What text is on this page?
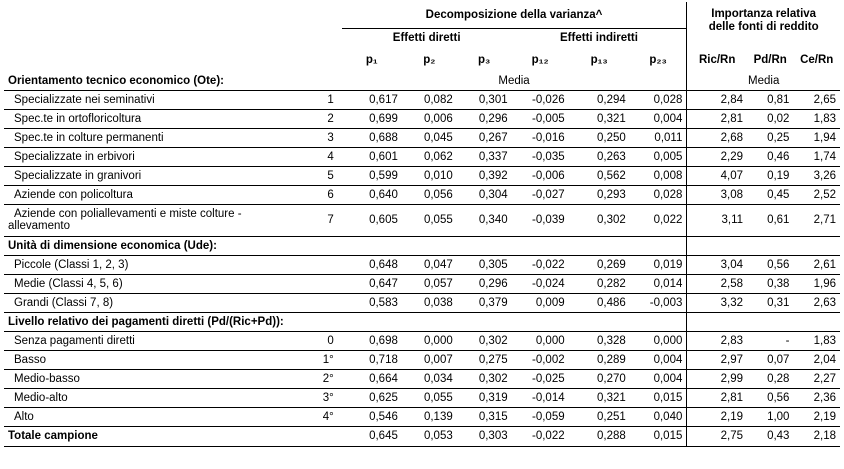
		Decomposizione della varianza^						Importanza relativa
delle fonti di reddito		
		Effetti diretti			Effetti indiretti					
		p₁	p₂	p₃	p₁₂	p₁₃	p₂₃	Ric/Rn	Pd/Rn	Ce/Rn
Orientamento tecnico economico (Ote):		Media						Media		
Specializzate nei seminativi	1	0,617	0,082	0,301	-0,026	0,294	0,028	2,84	0,81	2,65
Spec.te in ortofloricoltura	2	0,699	0,006	0,296	-0,005	0,321	0,004	2,81	0,02	1,83
Spec.te in colture permanenti	3	0,688	0,045	0,267	-0,016	0,250	0,011	2,68	0,25	1,94
Specializzate in erbivori	4	0,601	0,062	0,337	-0,035	0,263	0,005	2,29	0,46	1,74
Specializzate in granivori	5	0,599	0,010	0,392	-0,006	0,562	0,008	4,07	0,19	3,26
Aziende con policoltura	6	0,640	0,056	0,304	-0,027	0,293	0,028	3,08	0,45	2,52
Aziende con poliallevamenti e miste colture - allevamento	7	0,605	0,055	0,340	-0,039	0,302	0,022	3,11	0,61	2,71
Unità di dimensione economica (Ude):										
Piccole (Classi 1, 2, 3)		0,648	0,047	0,305	-0,022	0,269	0,019	3,04	0,56	2,61
Medie (Classi 4, 5, 6)		0,647	0,057	0,296	-0,024	0,282	0,014	2,58	0,38	1,96
Grandi (Classi 7, 8)		0,583	0,038	0,379	0,009	0,486	-0,003	3,32	0,31	2,63
Livello relativo dei pagamenti diretti (Pd/(Ric+Pd)):										
Senza pagamenti diretti	0	0,698	0,000	0,302	0,000	0,328	0,000	2,83	-	1,83
Basso	1°	0,718	0,007	0,275	-0,002	0,289	0,004	2,97	0,07	2,04
Medio-basso	2°	0,664	0,034	0,302	-0,025	0,270	0,004	2,99	0,28	2,27
Medio-alto	3°	0,625	0,055	0,319	-0,014	0,321	0,015	2,81	0,56	2,36
Alto	4°	0,546	0,139	0,315	-0,059	0,251	0,040	2,19	1,00	2,19
Totale campione		0,645	0,053	0,303	-0,022	0,288	0,015	2,75	0,43	2,18
